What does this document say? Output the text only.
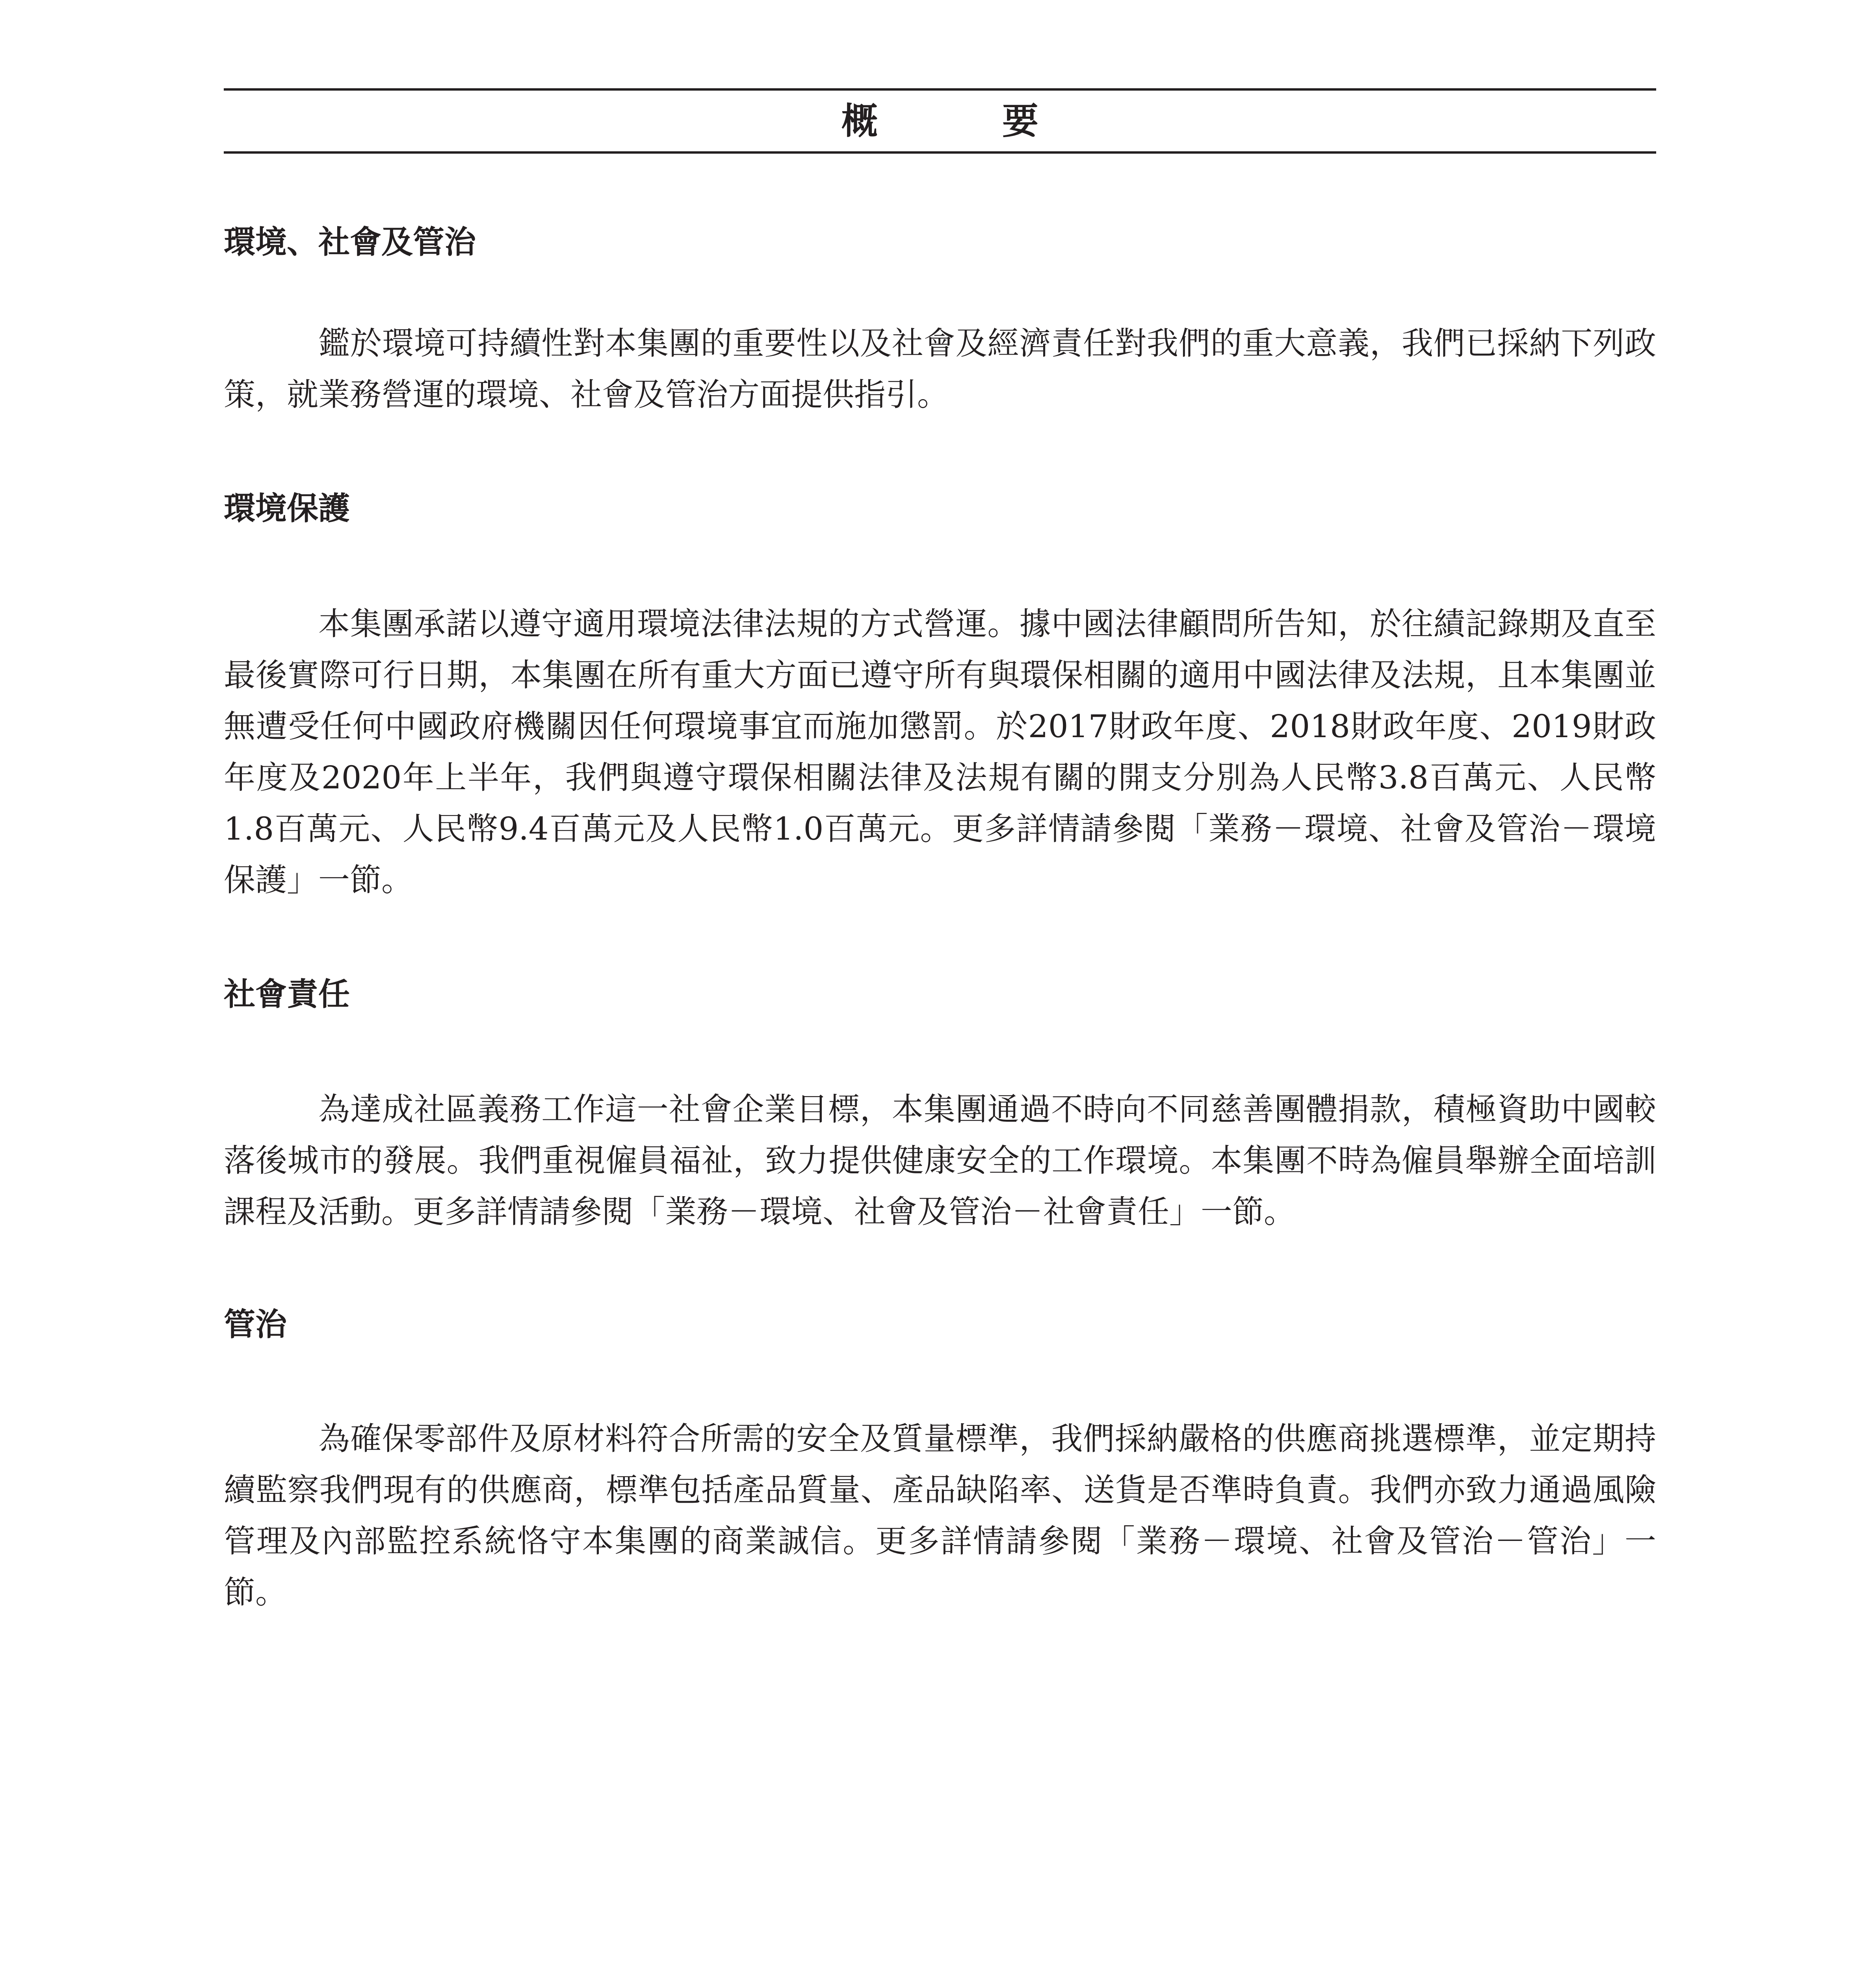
概　要
環境、社會及管治

鑑於環境可持續性對本集團的重要性以及社會及經濟責任對我們的重大意義，我們已採納下列政策，就業務營運的環境、社會及管治方面提供指引。

環境保護

本集團承諾以遵守適用環境法律法規的方式營運。據中國法律顧問所告知，於往績記錄期及直至最後實際可行日期，本集團在所有重大方面已遵守所有與環保相關的適用中國法律及法規，且本集團並無遭受任何中國政府機關因任何環境事宜而施加懲罰。於2017財政年度、2018財政年度、2019財政年度及2020年上半年，我們與遵守環保相關法律及法規有關的開支分別為人民幣3.8百萬元、人民幣1.8百萬元、人民幣9.4百萬元及人民幣1.0百萬元。更多詳情請參閱「業務－環境、社會及管治－環境保護」一節。

社會責任

為達成社區義務工作這一社會企業目標，本集團通過不時向不同慈善團體捐款，積極資助中國較落後城市的發展。我們重視僱員福祉，致力提供健康安全的工作環境。本集團不時為僱員舉辦全面培訓課程及活動。更多詳情請參閱「業務－環境、社會及管治－社會責任」一節。

管治

為確保零部件及原材料符合所需的安全及質量標準，我們採納嚴格的供應商挑選標準，並定期持續監察我們現有的供應商，標準包括產品質量、產品缺陷率、送貨是否準時負責。我們亦致力通過風險管理及內部監控系統恪守本集團的商業誠信。更多詳情請參閱「業務－環境、社會及管治－管治」一節。
